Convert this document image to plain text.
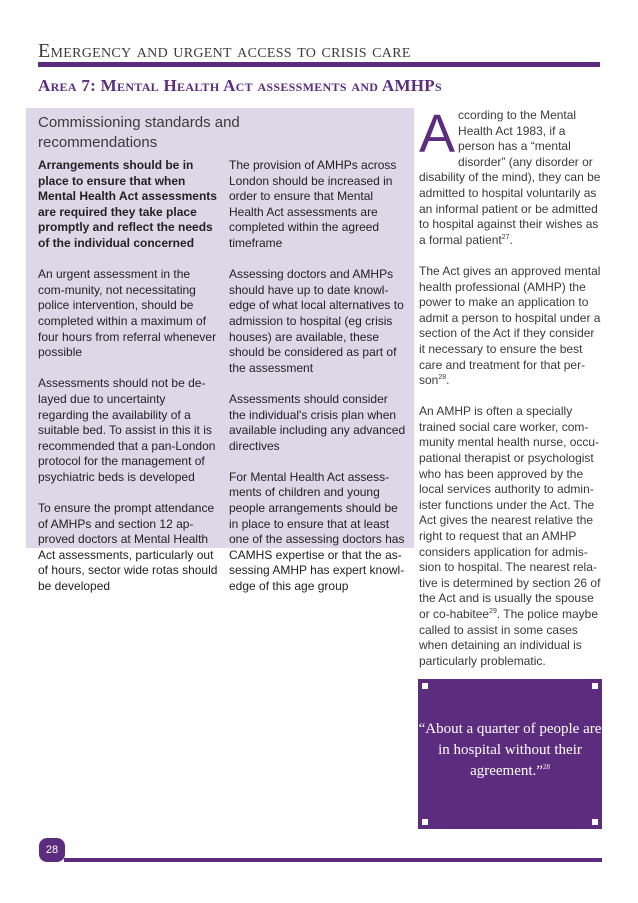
Emergency and urgent access to crisis care
Area 7: Mental Health Act assessments and AMHPs
Commissioning standards and recommendations

Arrangements should be in place to ensure that when Mental Health Act assessments are required they take place promptly and reflect the needs of the individual concerned

An urgent assessment in the com-munity, not necessitating police intervention, should be completed within a maximum of four hours from referral whenever possible

Assessments should not be de-layed due to uncertainty regarding the availability of a suitable bed. To assist in this it is recommended that a pan-London protocol for the management of psychiatric beds is developed

To ensure the prompt attendance of AMHPs and section 12 ap-proved doctors at Mental Health Act assessments, particularly out of hours, sector wide rotas should be developed

The provision of AMHPs across London should be increased in order to ensure that Mental Health Act assessments are completed within the agreed timeframe

Assessing doctors and AMHPs should have up to date knowl-edge of what local alternatives to admission to hospital (eg crisis houses) are available, these should be considered as part of the assessment

Assessments should consider the individual's crisis plan when available including any advanced directives

For Mental Health Act assess-ments of children and young people arrangements should be in place to ensure that at least one of the assessing doctors has CAMHS expertise or that the as-sessing AMHP has expert knowl-edge of this age group

According to the Mental Health Act 1983, if a person has a “mental disorder” (any disorder or disability of the mind), they can be admitted to hospital voluntarily as an informal patient or be admitted to hospital against their wishes as a formal patient$^{27}$.

The Act gives an approved mental health professional (AMHP) the power to make an application to admit a person to hospital under a section of the Act if they consider it necessary to ensure the best care and treatment for that per-son$^{28}$.

An AMHP is often a specially trained social care worker, com-munity mental health nurse, occu-pational therapist or psychologist who has been approved by the local services authority to admin-ister functions under the Act. The Act gives the nearest relative the right to request that an AMHP considers application for admis-sion to hospital. The nearest rela-tive is determined by section 26 of the Act and is usually the spouse or co-habitee$^{29}$. The police maybe called to assist in some cases when detaining an individual is particularly problematic.

“About a quarter of people are in hospital without their agreement.”$^{28}$
28
